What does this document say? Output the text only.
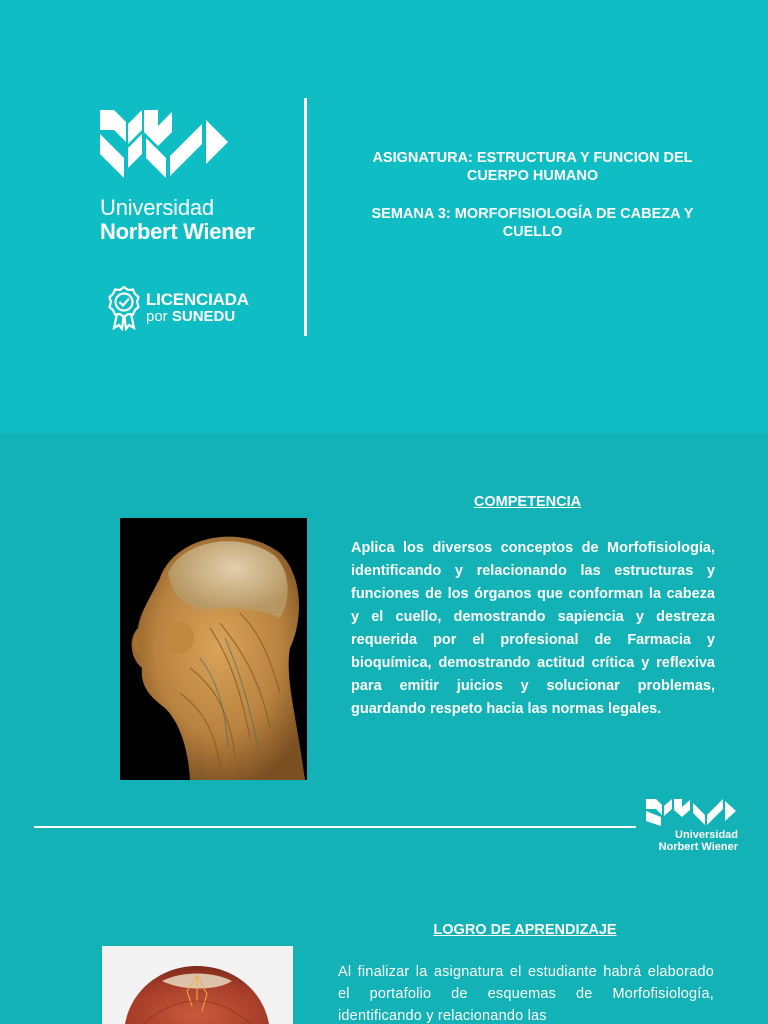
Universidad
Norbert Wiener
LICENCIADA
por SUNEDU

ASIGNATURA: ESTRUCTURA Y FUNCION DEL CUERPO HUMANO

SEMANA 3: MORFOFISIOLOGÍA DE CABEZA Y CUELLO

COMPETENCIA
Aplica los diversos conceptos de Morfofisiología, identificando y relacionando las estructuras y funciones de los órganos que conforman la cabeza y el cuello, demostrando sapiencia y destreza requerida por el profesional de Farmacia y bioquímica, demostrando actitud crítica y reflexiva para emitir juicios y solucionar problemas, guardando respeto hacia las normas legales.
Universidad
Norbert Wiener
LOGRO DE APRENDIZAJE
Al finalizar la asignatura el estudiante habrá elaborado el portafolio de esquemas de Morfofisiología, identificando y relacionando las
